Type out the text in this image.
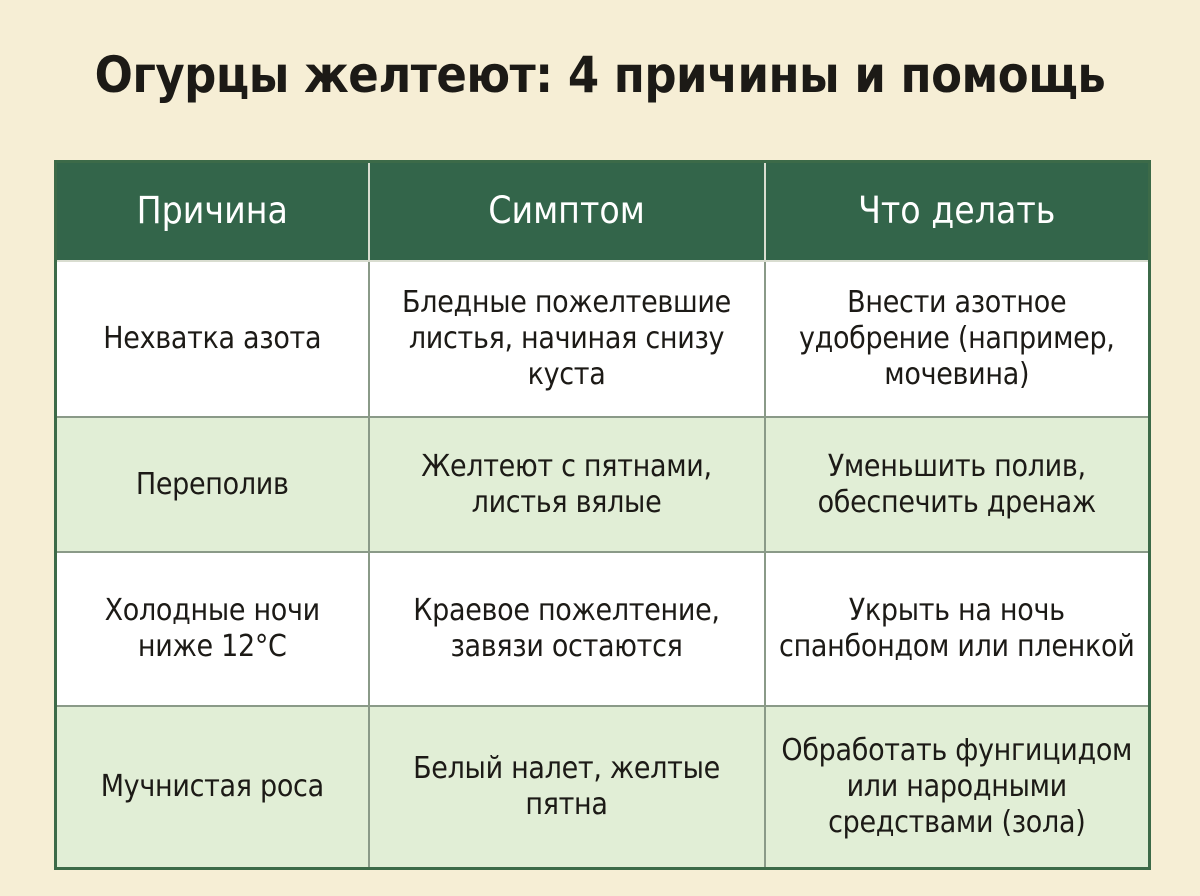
Огурцы желтеют: 4 причины и помощь
Причина	Симптом	Что делать
Нехватка азота	Бледные пожелтевшие листья, начиная снизу куста	Внести азотное удобрение (например, мочевина)
Переполив	Желтеют с пятнами, листья вялые	Уменьшить полив, обеспечить дренаж
Холодные ночи ниже 12°С	Краевое пожелтение, завязи остаются	Укрыть на ночь спанбондом или пленкой
Мучнистая роса	Белый налет, желтые пятна	Обработать фунгицидом или народными средствами (зола)
